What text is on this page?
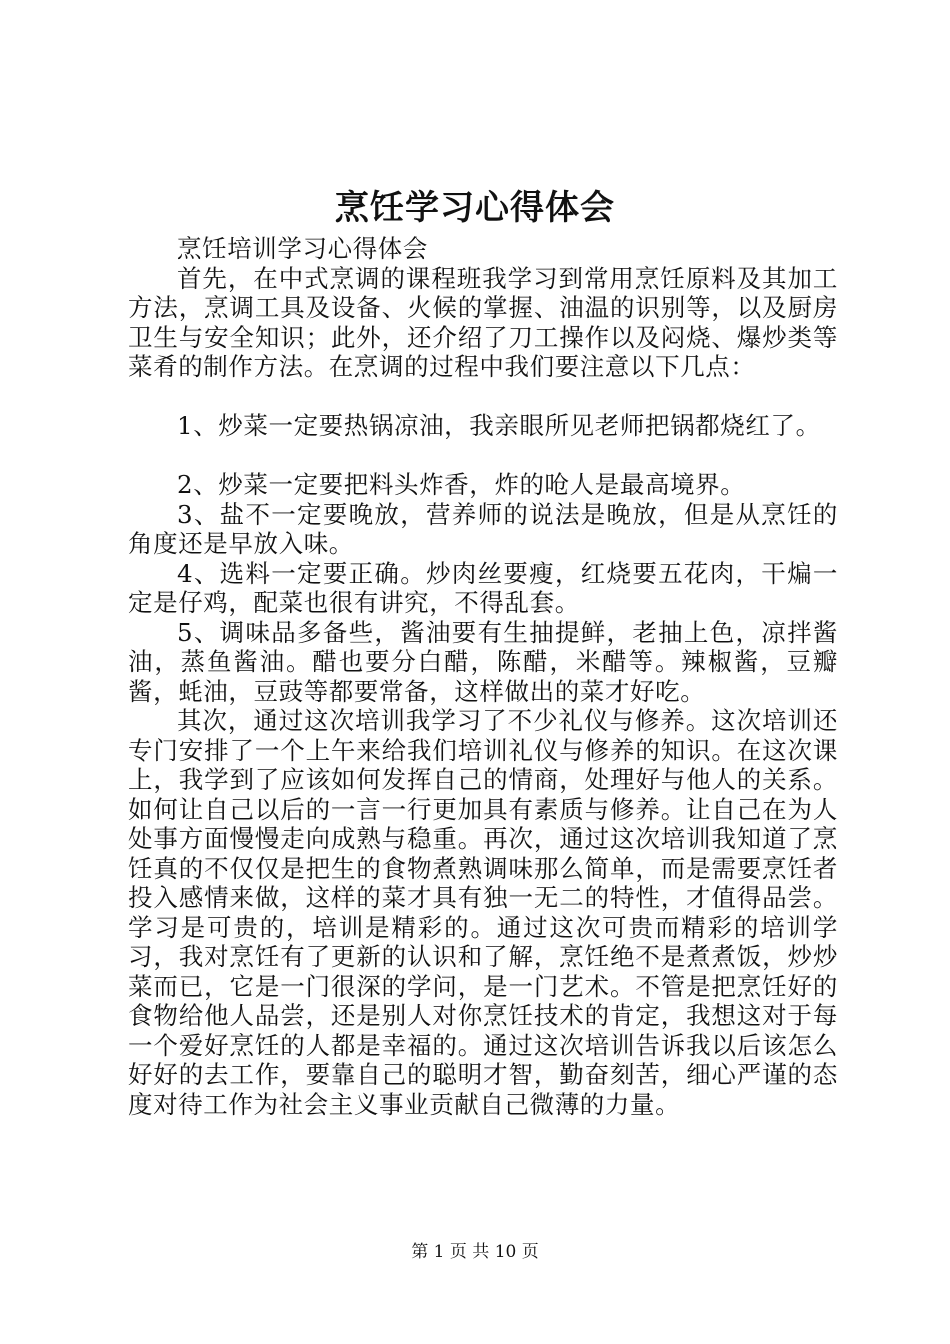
烹饪学习心得体会

烹饪培训学习心得体会

首先，在中式烹调的课程班我学习到常用烹饪原料及其加工方法，烹调工具及设备、火候的掌握、油温的识别等，以及厨房卫生与安全知识；此外，还介绍了刀工操作以及闷烧、爆炒类等菜肴的制作方法。在烹调的过程中我们要注意以下几点：

1、炒菜一定要热锅凉油，我亲眼所见老师把锅都烧红了。

2、炒菜一定要把料头炸香，炸的呛人是最高境界。

3、盐不一定要晚放，营养师的说法是晚放，但是从烹饪的角度还是早放入味。

4、选料一定要正确。炒肉丝要瘦，红烧要五花肉，干煸一定是仔鸡，配菜也很有讲究，不得乱套。

5、调味品多备些，酱油要有生抽提鲜，老抽上色，凉拌酱油，蒸鱼酱油。醋也要分白醋，陈醋，米醋等。辣椒酱，豆瓣酱，蚝油，豆豉等都要常备，这样做出的菜才好吃。

其次，通过这次培训我学习了不少礼仪与修养。这次培训还专门安排了一个上午来给我们培训礼仪与修养的知识。在这次课上，我学到了应该如何发挥自己的情商，处理好与他人的关系。如何让自己以后的一言一行更加具有素质与修养。让自己在为人处事方面慢慢走向成熟与稳重。再次，通过这次培训我知道了烹饪真的不仅仅是把生的食物煮熟调味那么简单，而是需要烹饪者投入感情来做，这样的菜才具有独一无二的特性，才值得品尝。学习是可贵的，培训是精彩的。通过这次可贵而精彩的培训学习，我对烹饪有了更新的认识和了解，烹饪绝不是煮煮饭，炒炒菜而已，它是一门很深的学问，是一门艺术。不管是把烹饪好的食物给他人品尝，还是别人对你烹饪技术的肯定，我想这对于每一个爱好烹饪的人都是幸福的。通过这次培训告诉我以后该怎么好好的去工作，要靠自己的聪明才智，勤奋刻苦，细心严谨的态度对待工作为社会主义事业贡献自己微薄的力量。

第 1 页 共 10 页
